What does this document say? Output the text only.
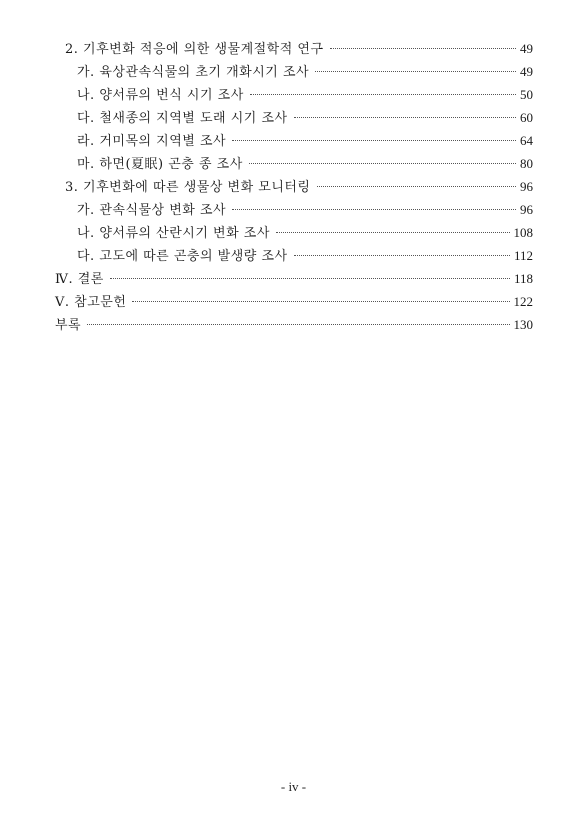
2. 기후변화 적응에 의한 생물계절학적 연구	49
가. 육상관속식물의 초기 개화시기 조사	49
나. 양서류의 번식 시기 조사	50
다. 철새종의 지역별 도래 시기 조사	60
라. 거미목의 지역별 조사	64
마. 하면(夏眠) 곤충 종 조사	80
3. 기후변화에 따른 생물상 변화 모니터링	96
가. 관속식물상 변화 조사	96
나. 양서류의 산란시기 변화 조사	108
다. 고도에 따른 곤충의 발생량 조사	112
Ⅳ. 결론	118
Ⅴ. 참고문헌	122
부록	130
- iv -
